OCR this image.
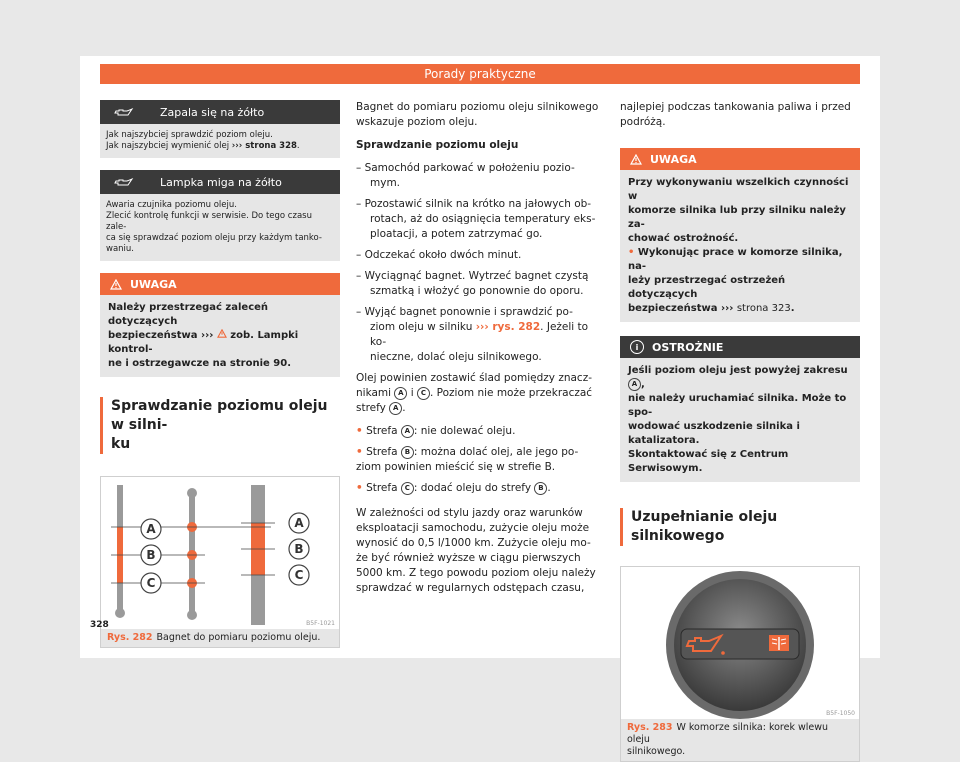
Porady praktyczne
Zapala się na żółto
Jak najszybciej sprawdzić poziom oleju.
Jak najszybciej wymienić olej ››› strona 328.
Lampka miga na żółto
Awaria czujnika poziomu oleju.
Zlecić kontrolę funkcji w serwisie. Do tego czasu zale-
ca się sprawdzać poziom oleju przy każdym tanko-
waniu.
UWAGA
Należy przestrzegać zaleceń dotyczących
bezpieczeństwa ›››  zob. Lampki kontrol-
ne i ostrzegawcze na stronie 90.
Sprawdzanie poziomu oleju w silni-
ku
A
B
C
A
B
C
B5F-1021
Rys. 282 Bagnet do pomiaru poziomu oleju.

Bagnet do pomiaru poziomu oleju silnikowego
wskazuje poziom oleju.

Sprawdzanie poziomu oleju

– Samochód parkować w położeniu pozio-
mym.
– Pozostawić silnik na krótko na jałowych ob-
rotach, aż do osiągnięcia temperatury eks-
ploatacji, a potem zatrzymać go.
– Odczekać około dwóch minut.
– Wyciągnąć bagnet. Wytrzeć bagnet czystą
szmatką i włożyć go ponownie do oporu.
– Wyjąć bagnet ponownie i sprawdzić po-
ziom oleju w silniku ››› rys. 282. Jeżeli to ko-
nieczne, dolać oleju silnikowego.

Olej powinien zostawić ślad pomiędzy znacz-
nikami A i C . Poziom nie może przekraczać
strefy A .

• Strefa A : nie dolewać oleju.
• Strefa B : można dolać olej, ale jego po-
ziom powinien mieścić się w strefie B.
• Strefa C : dodać oleju do strefy B .

W zależności od stylu jazdy oraz warunków
eksploatacji samochodu, zużycie oleju może
wynosić do 0,5 l/1000 km. Zużycie oleju mo-
że być również wyższe w ciągu pierwszych
5000 km. Z tego powodu poziom oleju należy
sprawdzać w regularnych odstępach czasu,

najlepiej podczas tankowania paliwa i przed
podróżą.

UWAGA
Przy wykonywaniu wszelkich czynności w
komorze silnika lub przy silniku należy za-
chować ostrożność.
• Wykonując prace w komorze silnika, na-
leży przestrzegać ostrzeżeń dotyczących
bezpieczeństwa ››› strona 323.
i	OSTROŻNIE
Jeśli poziom oleju jest powyżej zakresu A ,
nie należy uruchamiać silnika. Może to spo-
wodować uszkodzenie silnika i katalizatora.
Skontaktować się z Centrum Serwisowym.
Uzupełnianie oleju silnikowego
B5F-1050
Rys. 283 W komorze silnika: korek wlewu oleju
silnikowego.
328
